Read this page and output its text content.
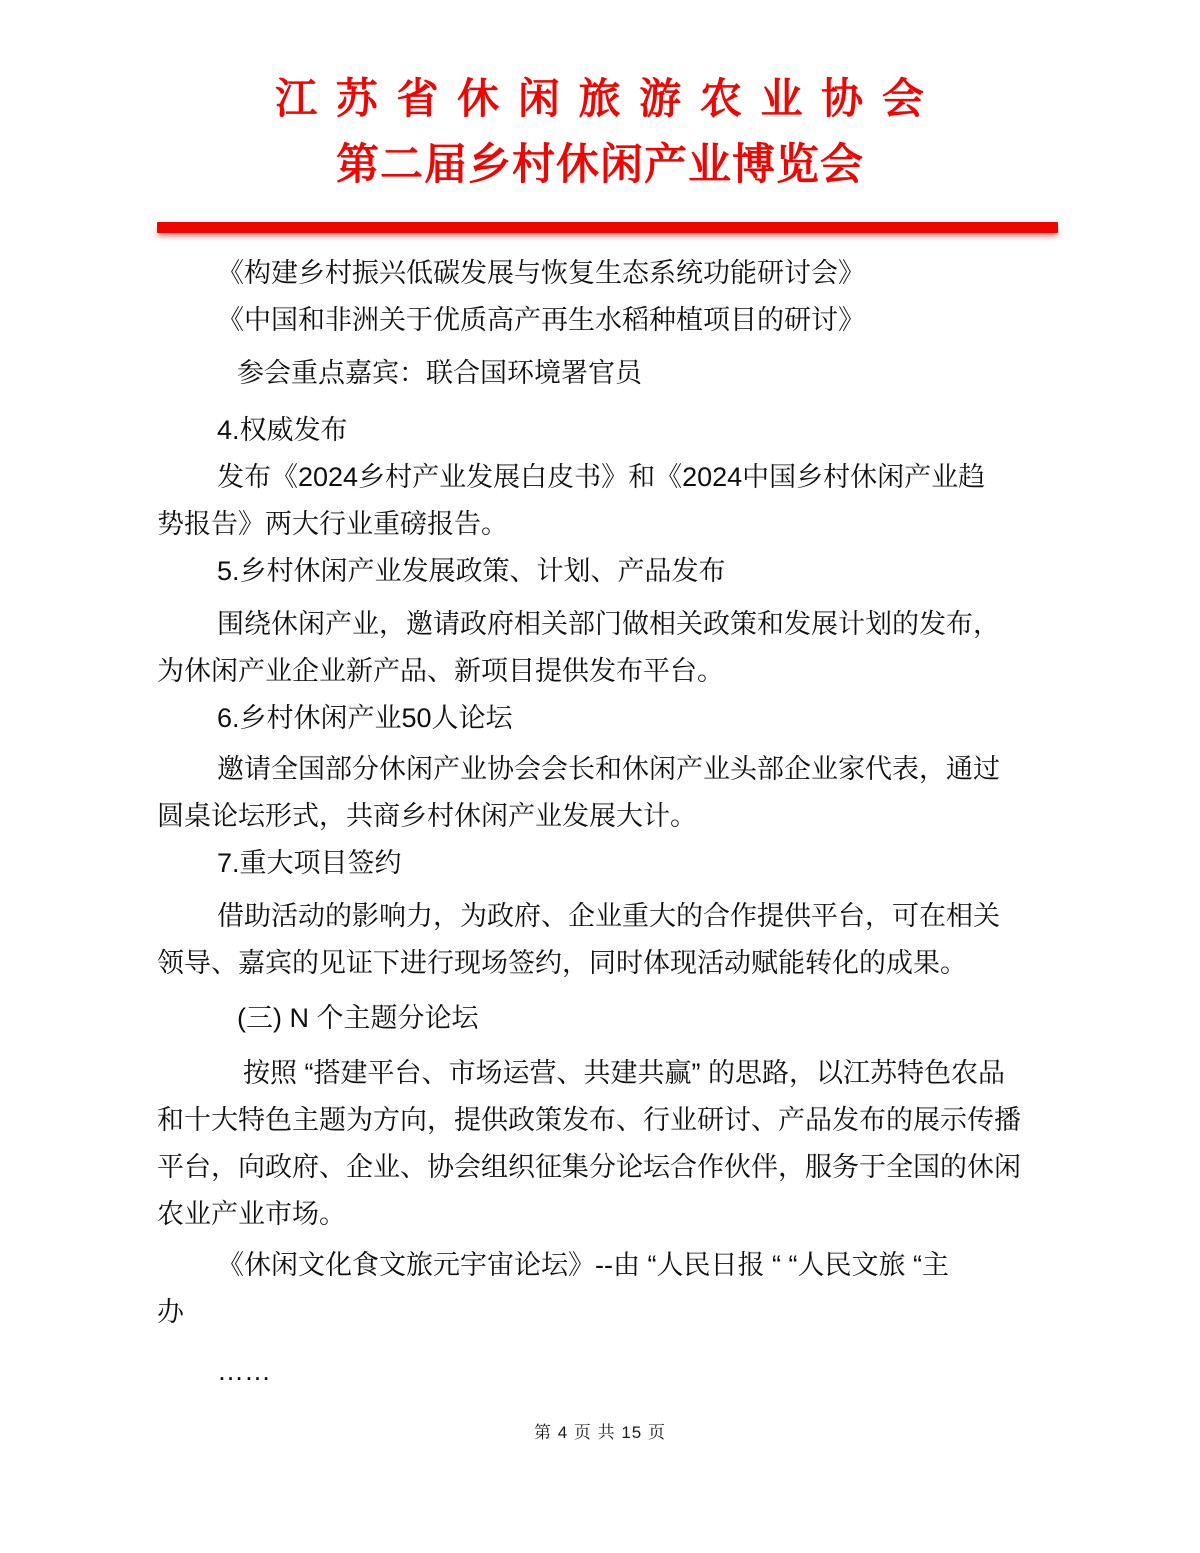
江 苏 省 休 闲 旅 游 农 业 协 会
第二届乡村休闲产业博览会
《构建乡村振兴低碳发展与恢复生态系统功能研讨会》
《中国和非洲关于优质高产再生水稻种植项目的研讨》
参会重点嘉宾：联合国环境署官员
4.权威发布
发布《2024乡村产业发展白皮书》和《2024中国乡村休闲产业趋
势报告》两大行业重磅报告。
5.乡村休闲产业发展政策、计划、产品发布
围绕休闲产业，邀请政府相关部门做相关政策和发展计划的发布，
为休闲产业企业新产品、新项目提供发布平台。
6.乡村休闲产业50人论坛
邀请全国部分休闲产业协会会长和休闲产业头部企业家代表，通过
圆桌论坛形式，共商乡村休闲产业发展大计。
7.重大项目签约
借助活动的影响力，为政府、企业重大的合作提供平台，可在相关
领导、嘉宾的见证下进行现场签约，同时体现活动赋能转化的成果。
(三) N 个主题分论坛
按照 “搭建平台、市场运营、共建共赢” 的思路，以江苏特色农品
和十大特色主题为方向，提供政策发布、行业研讨、产品发布的展示传播
平台，向政府、企业、协会组织征集分论坛合作伙伴，服务于全国的休闲
农业产业市场。
《休闲文化食文旅元宇宙论坛》--由 “人民日报 “ “人民文旅 “主
办
……
第 4 页 共 15 页
